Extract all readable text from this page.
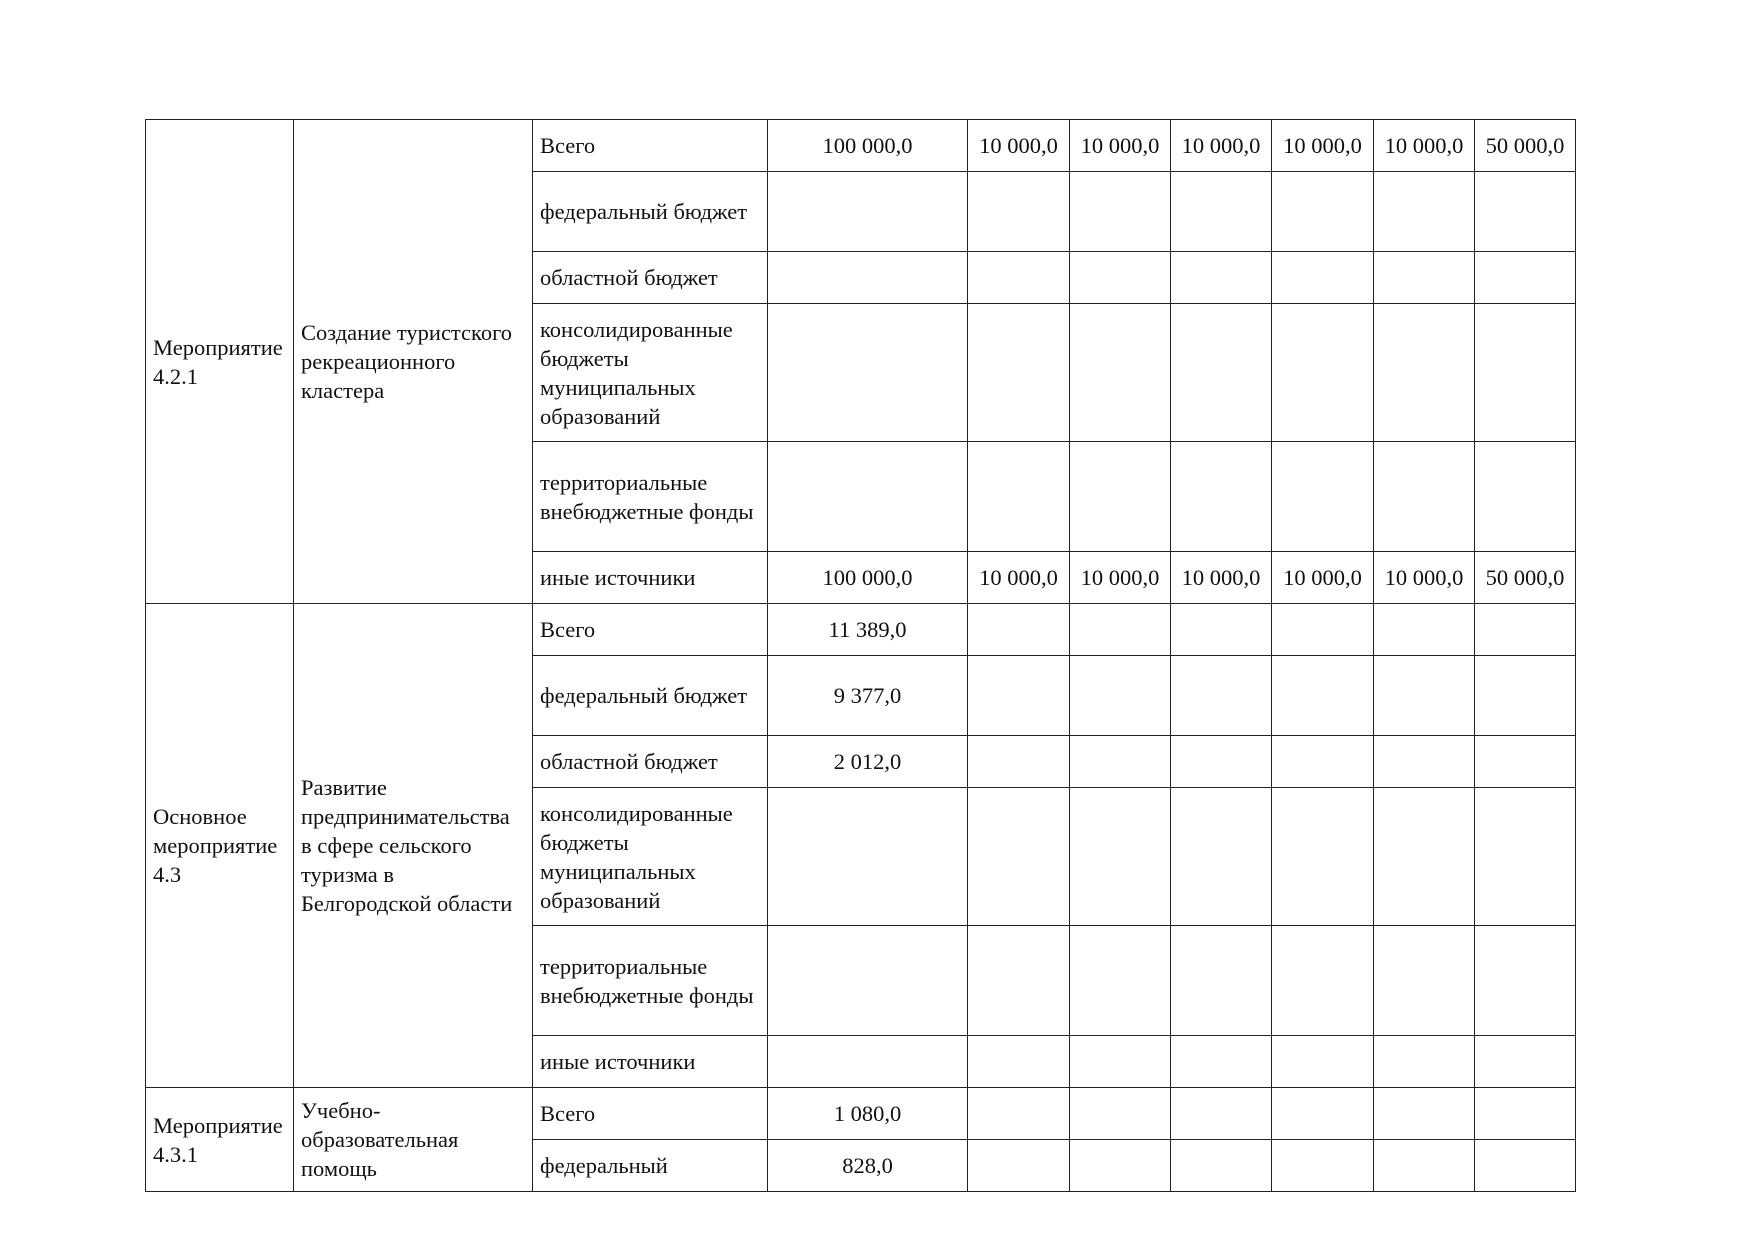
Мероприятие 4.2.1	Создание туристского рекреационного кластера	Всего	100 000,0	10 000,0	10 000,0	10 000,0	10 000,0	10 000,0	50 000,0
		федеральный бюджет							
		областной бюджет							
		консолидированные бюджеты муниципальных образований							
		территориальные внебюджетные фонды							
		иные источники	100 000,0	10 000,0	10 000,0	10 000,0	10 000,0	10 000,0	50 000,0
Основное мероприятие 4.3	Развитие предпринимательства в сфере сельского туризма в Белгородской области	Всего	11 389,0						
		федеральный бюджет	9 377,0						
		областной бюджет	2 012,0						
		консолидированные бюджеты муниципальных образований							
		территориальные внебюджетные фонды							
		иные источники							
Мероприятие 4.3.1	Учебно-образовательная помощь	Всего	1 080,0						
		федеральный	828,0						
